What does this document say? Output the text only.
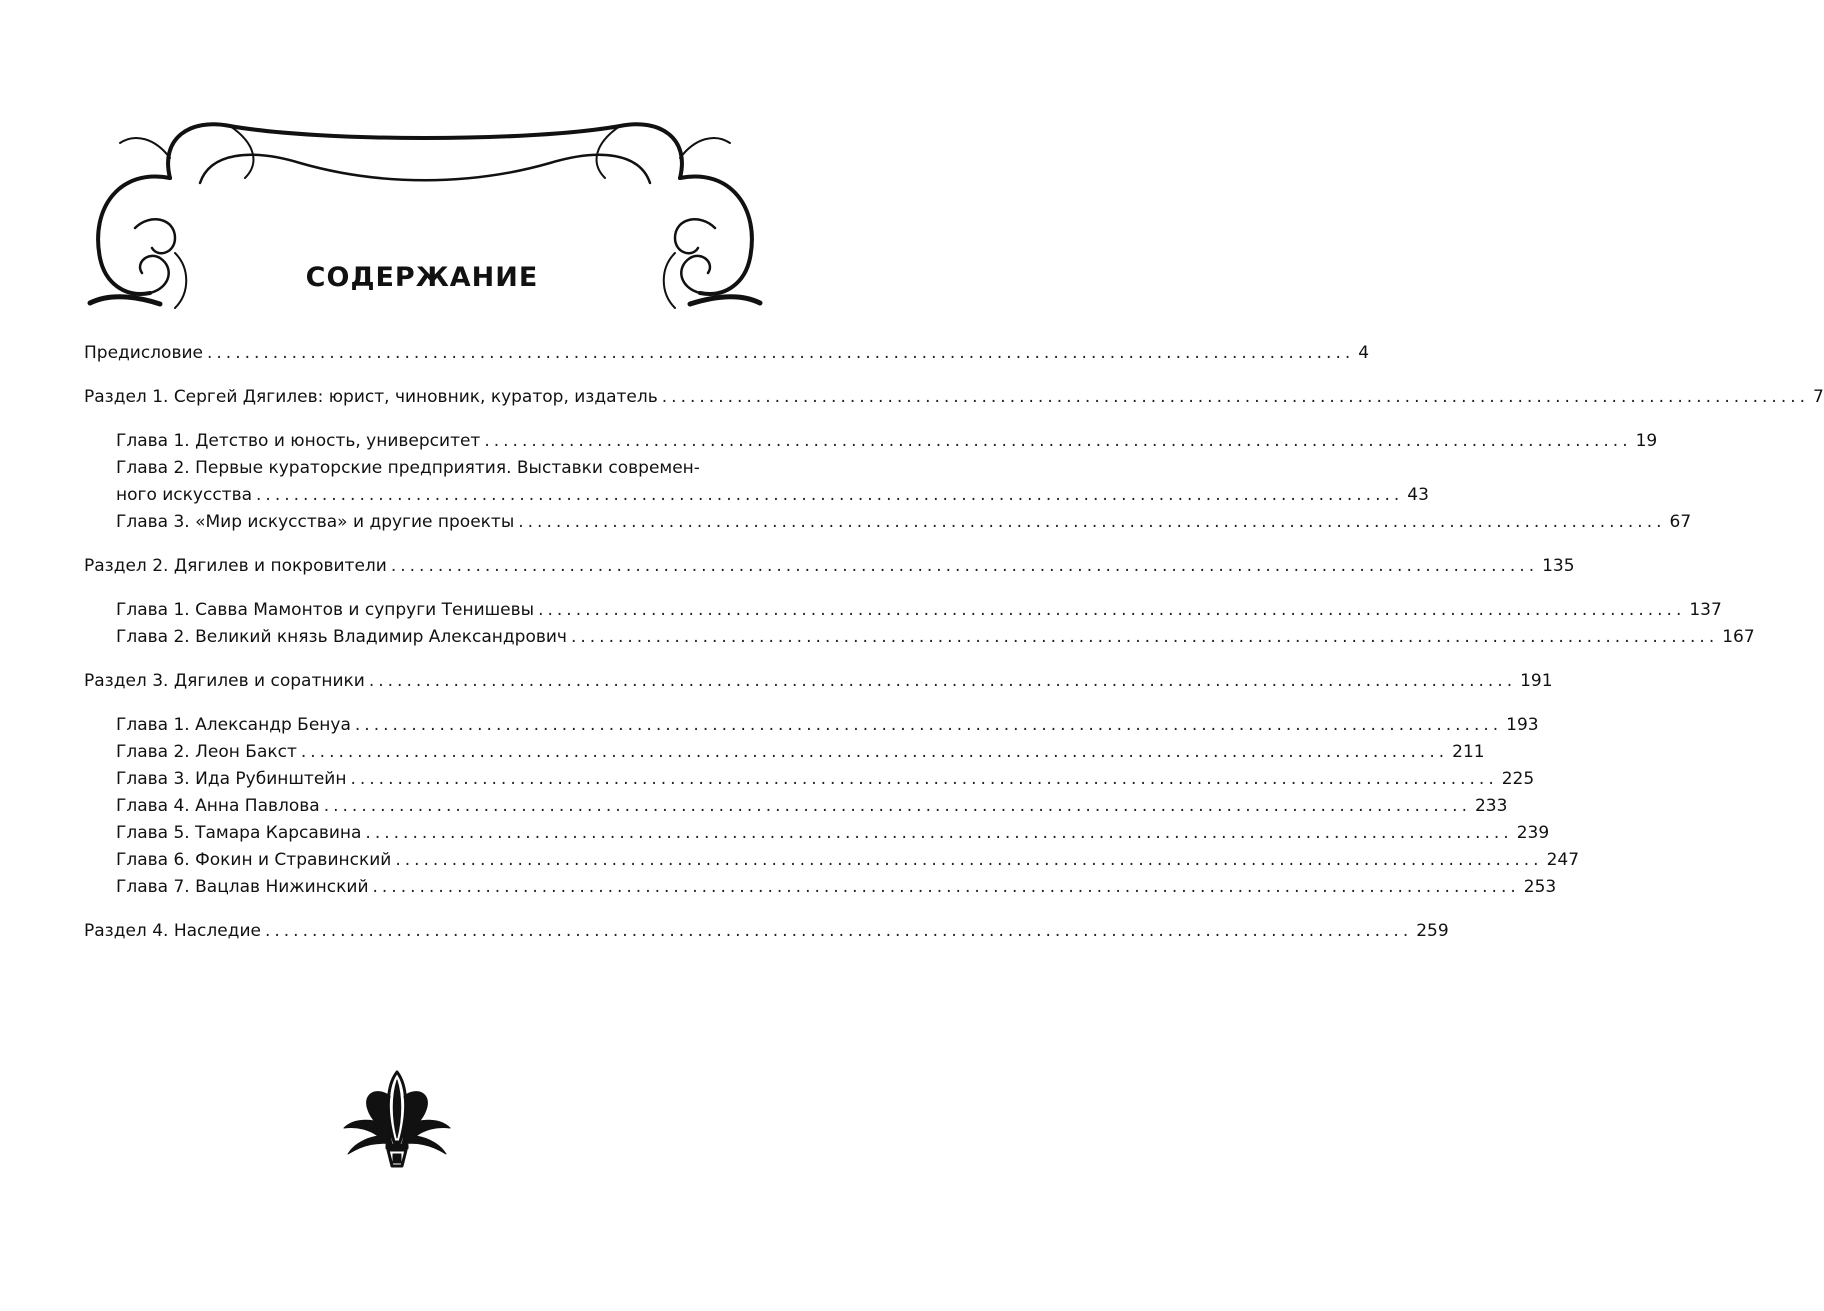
СОДЕРЖАНИЕ
Предисловие .......................................................................................................................... 4
Раздел 1. Сергей Дягилев: юрист, чиновник, куратор, издатель .......................................................................................................................... 7
Глава 1. Детство и юность, университет .......................................................................................................................... 19
Глава 2. Первые кураторские предприятия. Выставки современ-
ного искусства .......................................................................................................................... 43
Глава 3. «Мир искусства» и другие проекты .......................................................................................................................... 67
Раздел 2. Дягилев и покровители .......................................................................................................................... 135
Глава 1. Савва Мамонтов и супруги Тенишевы .......................................................................................................................... 137
Глава 2. Великий князь Владимир Александрович .......................................................................................................................... 167
Раздел 3. Дягилев и соратники .......................................................................................................................... 191
Глава 1. Александр Бенуа .......................................................................................................................... 193
Глава 2. Леон Бакст .......................................................................................................................... 211
Глава 3. Ида Рубинштейн .......................................................................................................................... 225
Глава 4. Анна Павлова .......................................................................................................................... 233
Глава 5. Тамара Карсавина .......................................................................................................................... 239
Глава 6. Фокин и Стравинский .......................................................................................................................... 247
Глава 7. Вацлав Нижинский .......................................................................................................................... 253
Раздел 4. Наследие .......................................................................................................................... 259
